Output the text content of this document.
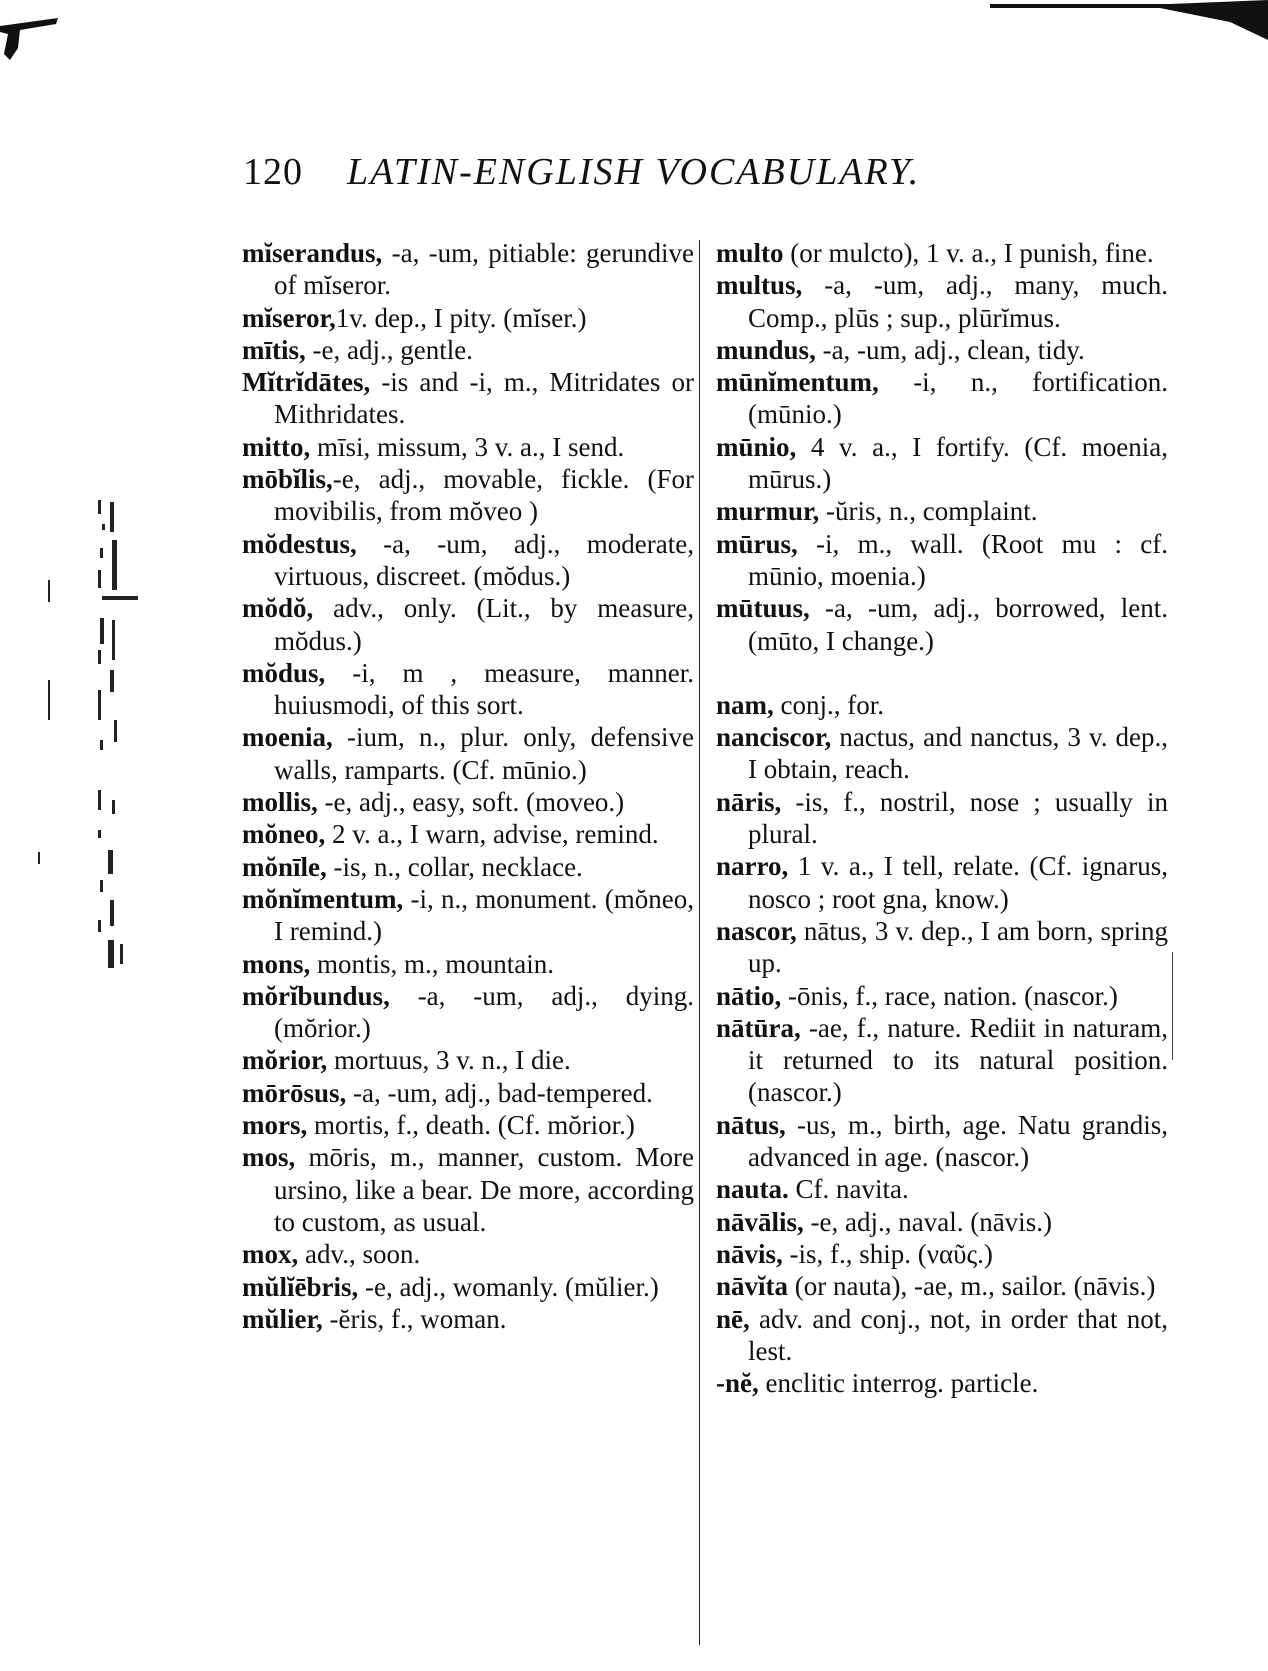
120 LATIN-ENGLISH VOCABULARY.

mĭserandus, -a, -um, pitiable: gerundive of mĭseror.

mĭseror,1v. dep., I pity. (mĭser.)

mītis, -e, adj., gentle.

Mĭtrĭdātes, -is and -i, m., Mitridates or Mithridates.

mitto, mīsi, missum, 3 v. a., I send.

mōbĭlis,-e, adj., movable, fickle. (For movibilis, from mŏveo )

mŏdestus, -a, -um, adj., moderate, virtuous, discreet. (mŏdus.)

mŏdŏ, adv., only. (Lit., by measure, mŏdus.)

mŏdus, -i, m , measure, manner. huiusmodi, of this sort.

moenia, -ium, n., plur. only, defensive walls, ramparts. (Cf. mūnio.)

mollis, -e, adj., easy, soft. (moveo.)

mŏneo, 2 v. a., I warn, advise, remind.

mŏnīle, -is, n., collar, necklace.

mŏnĭmentum, -i, n., monument. (mŏneo, I remind.)

mons, montis, m., mountain.

mŏrĭbundus, -a, -um, adj., dying. (mŏrior.)

mŏrior, mortuus, 3 v. n., I die.

mōrōsus, -a, -um, adj., bad-tempered.

mors, mortis, f., death. (Cf. mŏrior.)

mos, mōris, m., manner, custom. More ursino, like a bear. De more, according to custom, as usual.

mox, adv., soon.

mŭlĭēbris, -e, adj., womanly. (mŭlier.)

mŭlier, -ĕris, f., woman.

multo (or mulcto), 1 v. a., I punish, fine.

multus, -a, -um, adj., many, much. Comp., plūs ; sup., plūrĭmus.

mundus, -a, -um, adj., clean, tidy.

mūnĭmentum, -i, n., fortification. (mūnio.)

mūnio, 4 v. a., I fortify. (Cf. moenia, mūrus.)

murmur, -ŭris, n., complaint.

mūrus, -i, m., wall. (Root mu : cf. mūnio, moenia.)

mūtuus, -a, -um, adj., borrowed, lent. (mūto, I change.)

nam, conj., for.

nanciscor, nactus, and nanctus, 3 v. dep., I obtain, reach.

nāris, -is, f., nostril, nose ; usually in plural.

narro, 1 v. a., I tell, relate. (Cf. ignarus, nosco ; root gna, know.)

nascor, nātus, 3 v. dep., I am born, spring up.

nātio, -ōnis, f., race, nation. (nascor.)

nātūra, -ae, f., nature. Rediit in naturam, it returned to its natural position. (nascor.)

nātus, -us, m., birth, age. Natu grandis, advanced in age. (nascor.)

nauta. Cf. navita.

nāvālis, -e, adj., naval. (nāvis.)

nāvis, -is, f., ship. (ναῦς.)

nāvĭta (or nauta), -ae, m., sailor. (nāvis.)

nē, adv. and conj., not, in order that not, lest.

-nĕ, enclitic interrog. particle.
